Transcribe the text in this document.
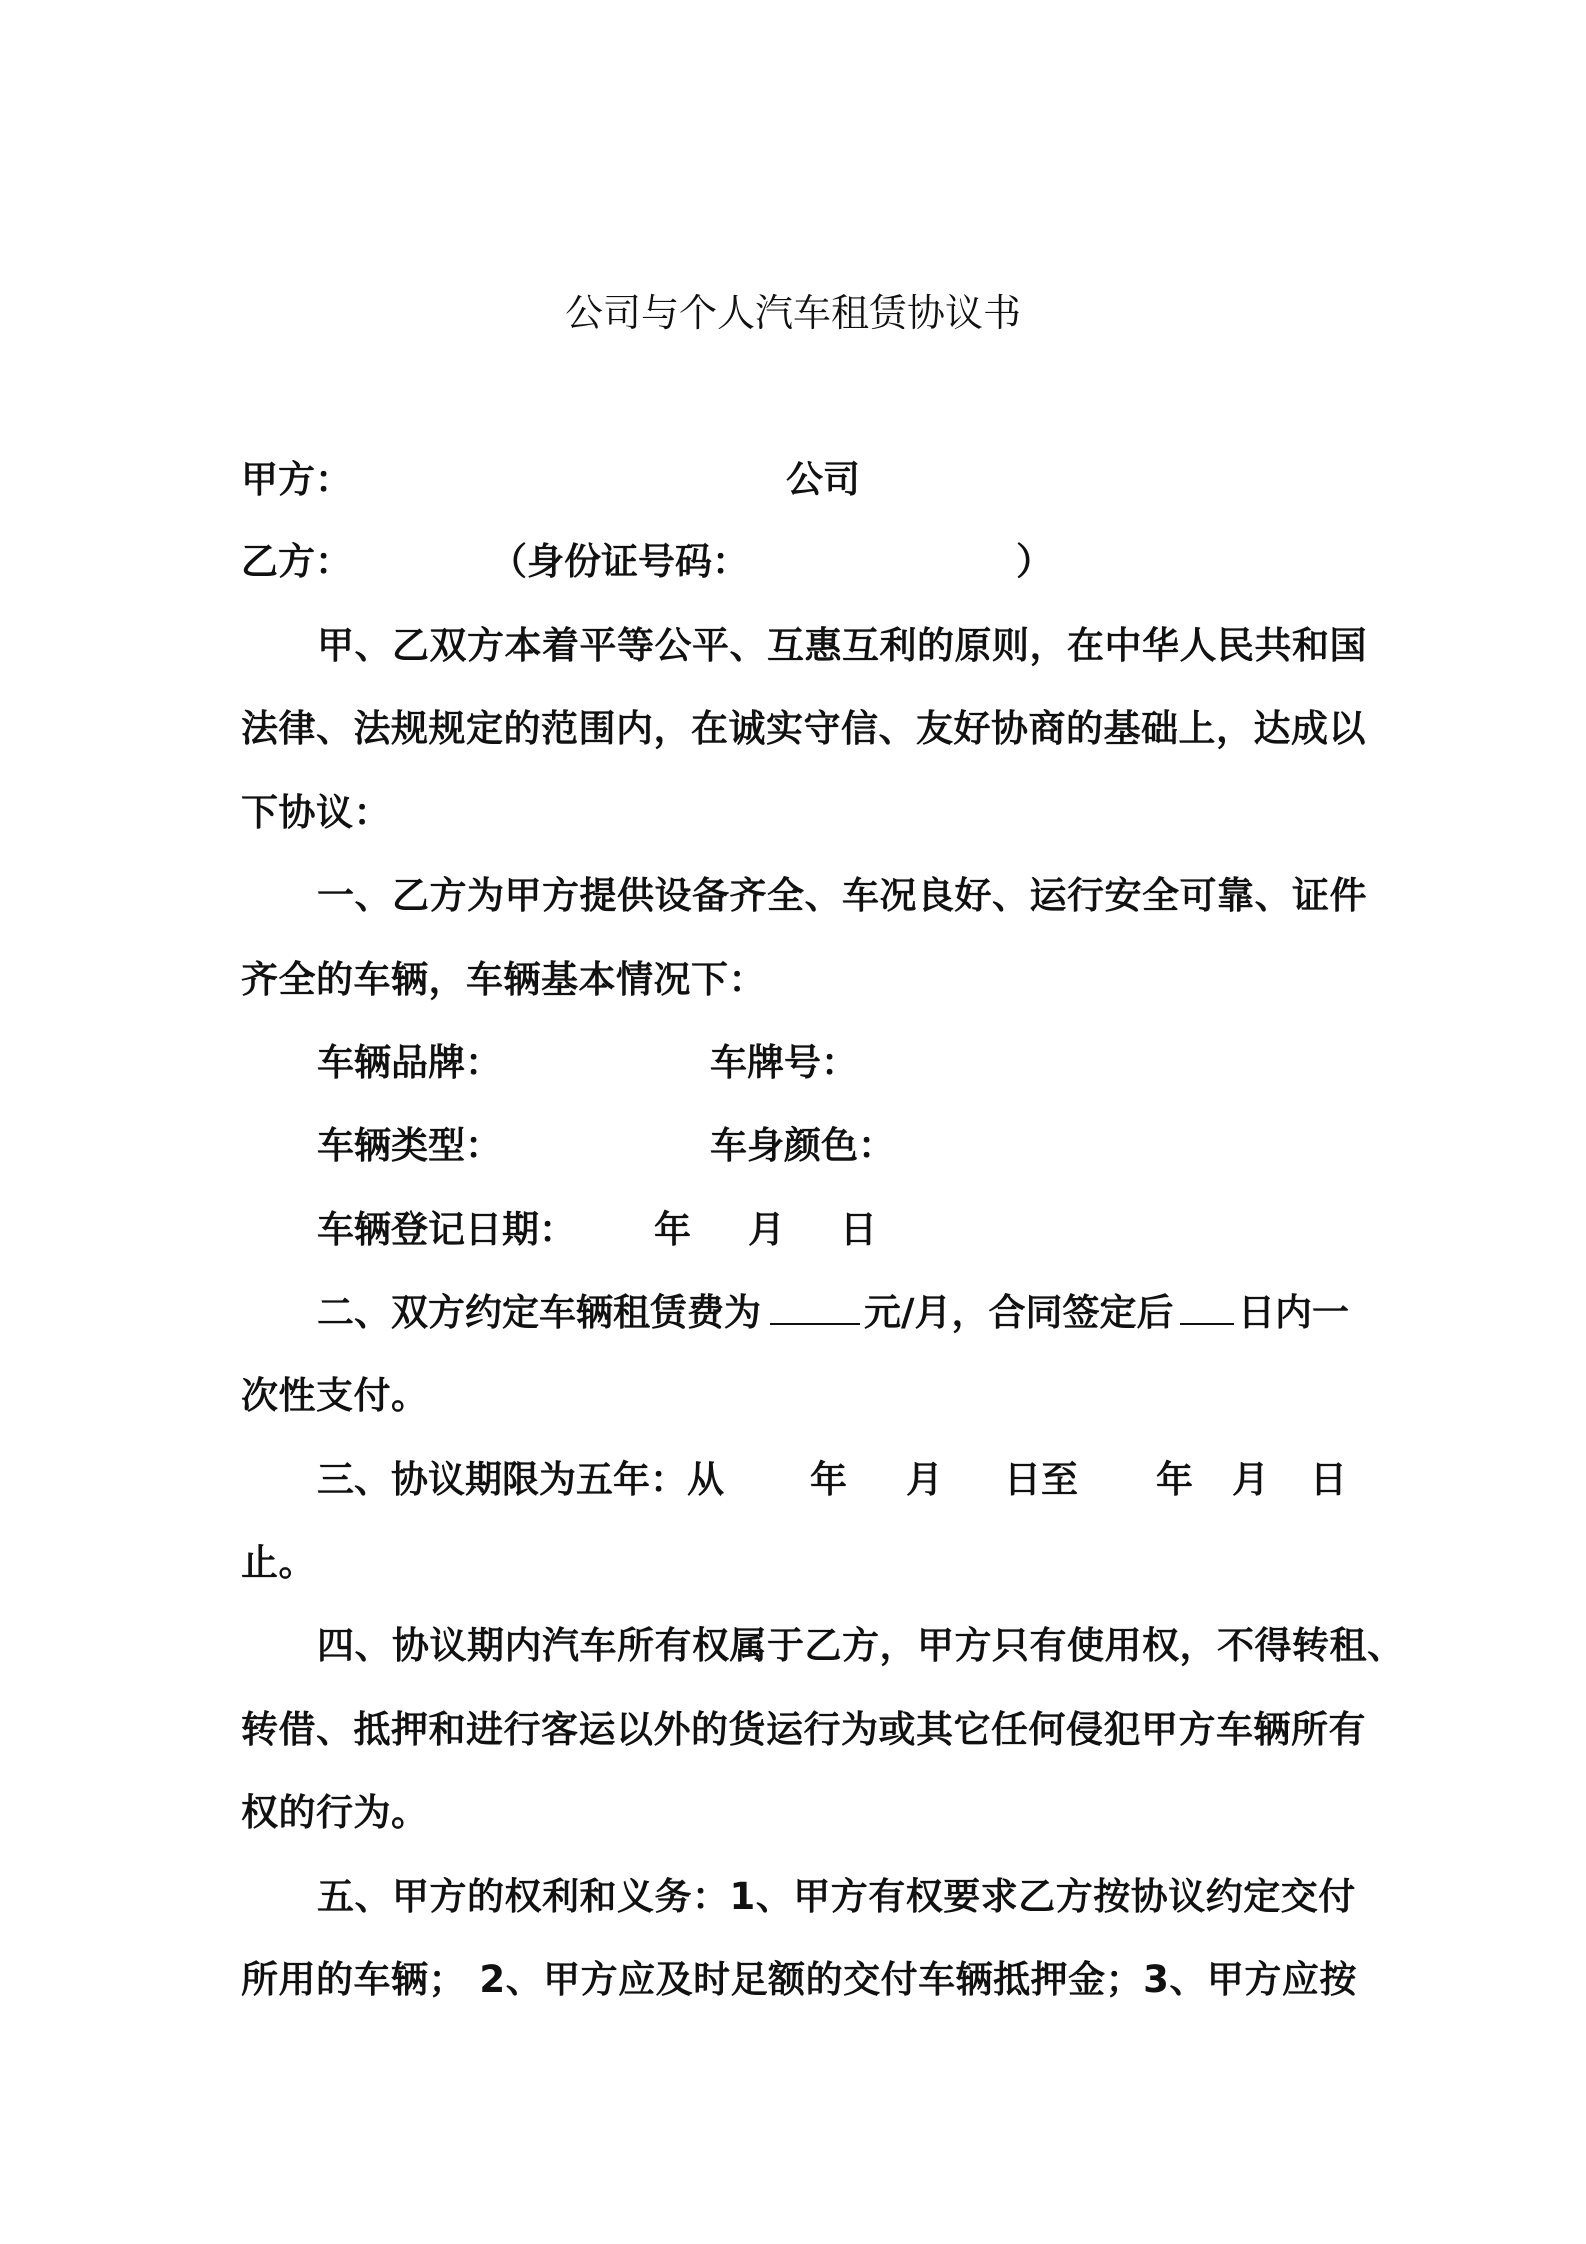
公司与个人汽车租赁协议书
甲方：	公司
乙方：	（身份证号码：	）
甲、乙双方本着平等公平、互惠互利的原则，在中华人民共和国
法律、法规规定的范围内，在诚实守信、友好协商的基础上，达成以
下协议：
一、乙方为甲方提供设备齐全、车况良好、运行安全可靠、证件
齐全的车辆，车辆基本情况下：
车辆品牌：	车牌号：
车辆类型：	车身颜色：
车辆登记日期： 年 月 日
二、双方约定车辆租赁费为	元/月，合同签定后 日内一
次性支付。
三、协议期限为五年：从 年 月 日至 年 月 日
止。
四、协议期内汽车所有权属于乙方，甲方只有使用权，不得转租、
转借、抵押和进行客运以外的货运行为或其它任何侵犯甲方车辆所有
权的行为。
五、甲方的权利和义务：1、甲方有权要求乙方按协议约定交付
所用的车辆； 2、甲方应及时足额的交付车辆抵押金；3、甲方应按
